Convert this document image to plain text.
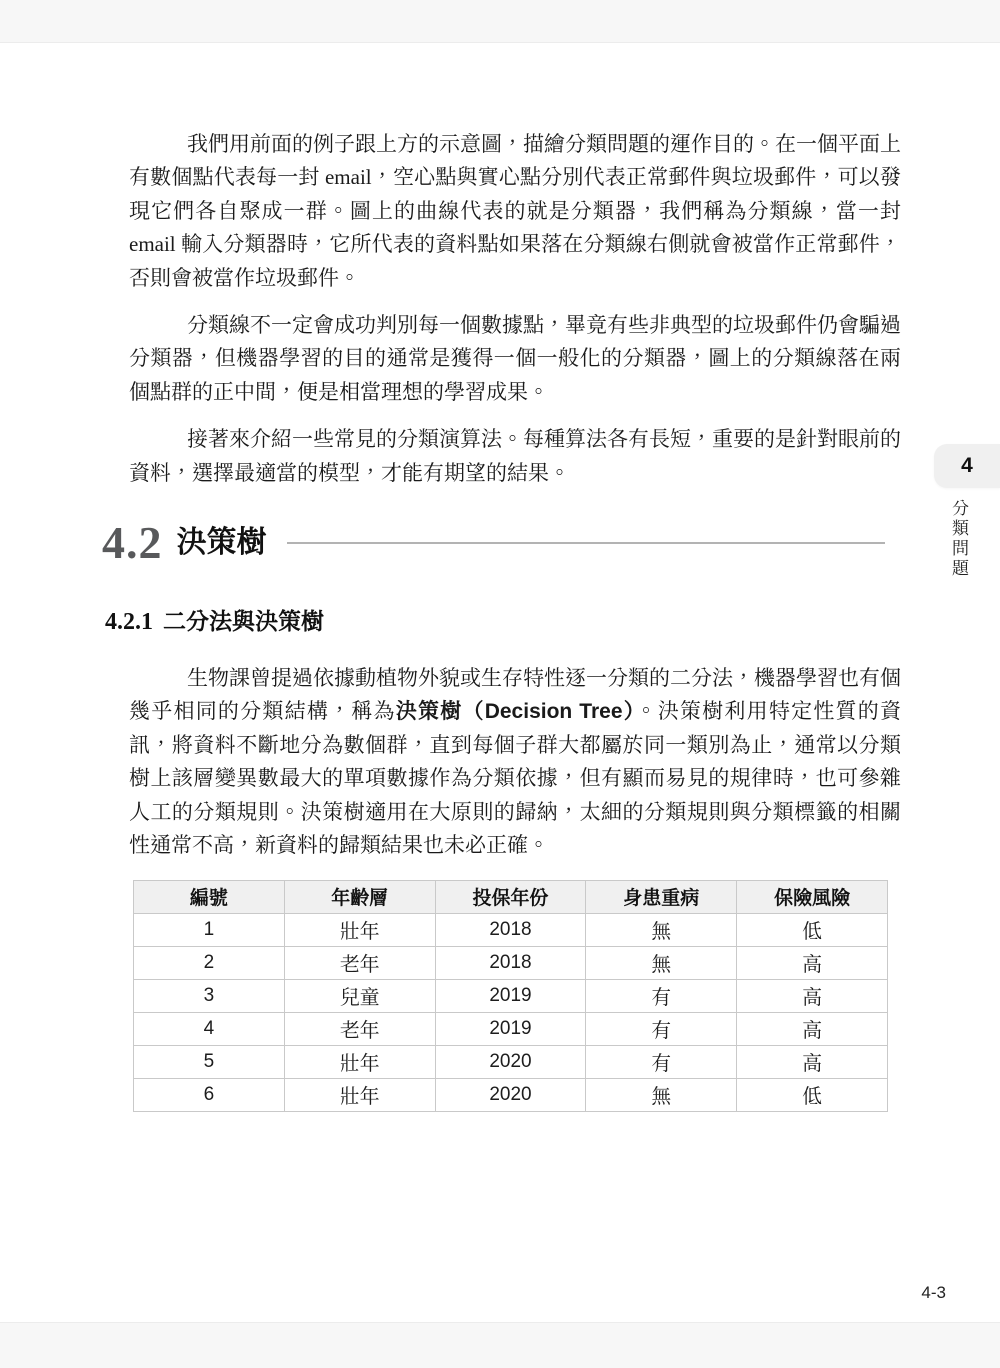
我們用前面的例子跟上方的示意圖，描繪分類問題的運作目的。在一個平面上有數個點代表每一封 email，空心點與實心點分別代表正常郵件與垃圾郵件，可以發現它們各自聚成一群。圖上的曲線代表的就是分類器，我們稱為分類線，當一封 email 輸入分類器時，它所代表的資料點如果落在分類線右側就會被當作正常郵件，否則會被當作垃圾郵件。

分類線不一定會成功判別每一個數據點，畢竟有些非典型的垃圾郵件仍會騙過分類器，但機器學習的目的通常是獲得一個一般化的分類器，圖上的分類線落在兩個點群的正中間，便是相當理想的學習成果。

接著來介紹一些常見的分類演算法。每種算法各有長短，重要的是針對眼前的資料，選擇最適當的模型，才能有期望的結果。

4.2 決策樹
4.2.1 二分法與決策樹

生物課曾提過依據動植物外貌或生存特性逐一分類的二分法，機器學習也有個幾乎相同的分類結構，稱為決策樹（Decision Tree）。決策樹利用特定性質的資訊，將資料不斷地分為數個群，直到每個子群大都屬於同一類別為止，通常以分類樹上該層變異數最大的單項數據作為分類依據，但有顯而易見的規律時，也可參雜人工的分類規則。決策樹適用在大原則的歸納，太細的分類規則與分類標籤的相關性通常不高，新資料的歸類結果也未必正確。

編號	年齡層	投保年份	身患重病	保險風險
1	壯年	2018	無	低
2	老年	2018	無	高
3	兒童	2019	有	高
4	老年	2019	有	高
5	壯年	2020	有	高
6	壯年	2020	無	低
4
分類問題
4-3
